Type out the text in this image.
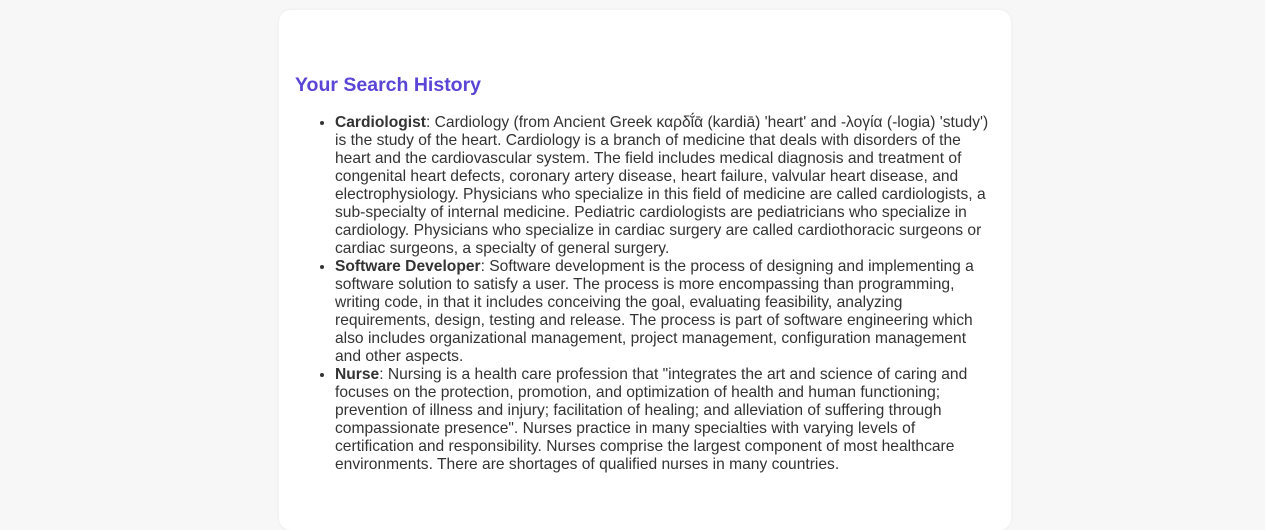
Your Search History
• Cardiologist: Cardiology (from Ancient Greek καρδῐ́ᾱ (kardiā) 'heart' and -λογία (-logia) 'study') is the study of the heart. Cardiology is a branch of medicine that deals with disorders of the heart and the cardiovascular system. The field includes medical diagnosis and treatment of congenital heart defects, coronary artery disease, heart failure, valvular heart disease, and electrophysiology. Physicians who specialize in this field of medicine are called cardiologists, a sub-specialty of internal medicine. Pediatric cardiologists are pediatricians who specialize in cardiology. Physicians who specialize in cardiac surgery are called cardiothoracic surgeons or cardiac surgeons, a specialty of general surgery.
• Software Developer: Software development is the process of designing and implementing a software solution to satisfy a user. The process is more encompassing than programming, writing code, in that it includes conceiving the goal, evaluating feasibility, analyzing requirements, design, testing and release. The process is part of software engineering which also includes organizational management, project management, configuration management and other aspects.
• Nurse: Nursing is a health care profession that "integrates the art and science of caring and focuses on the protection, promotion, and optimization of health and human functioning; prevention of illness and injury; facilitation of healing; and alleviation of suffering through compassionate presence". Nurses practice in many specialties with varying levels of certification and responsibility. Nurses comprise the largest component of most healthcare environments. There are shortages of qualified nurses in many countries.
